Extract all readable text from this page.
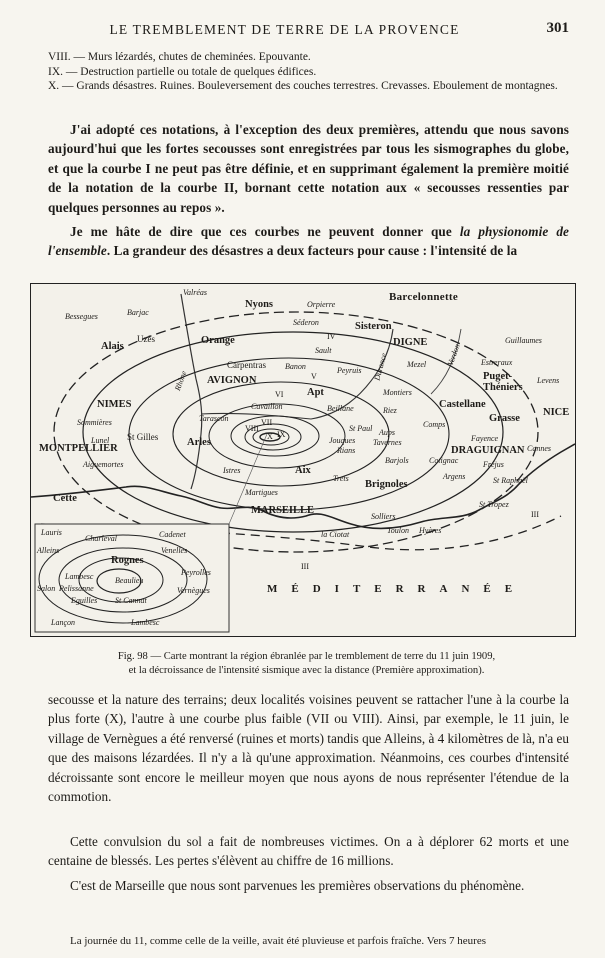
LE TREMBLEMENT DE TERRE DE LA PROVENCE	301

VIII. — Murs lézardés, chutes de cheminées. Epouvante.

IX. — Destruction partielle ou totale de quelques édifices.

X. — Grands désastres. Ruines. Bouleversement des couches terrestres. Crevasses. Eboulement de montagnes.

J'ai adopté ces notations, à l'exception des deux premières, attendu que nous savons aujourd'hui que les fortes secousses sont enregistrées par tous les sismographes du globe, et que la courbe I ne peut pas être définie, et en supprimant également la première moitié de la notation de la courbe II, bornant cette notation aux « secousses ressenties par quelques personnes au repos ».

Je me hâte de dire que ces courbes ne peuvent donner que la physionomie de l'ensemble. La grandeur des désastres a deux facteurs pour cause : l'intensité de la

Valréas
Nyons	Orpierre
Barcelonnette
Bessegues	Barjac
Séderon	Sisteron
Alais
Uzès	Orange
Sault
DIGNE	Guillaumes
Carpentras Banon	Mezel	Estreraux
AVIGNON
Peyruis
Puget-
Théniers
Levens
NIMES
Apt	Montiers
Sommières
Cavaillon	Beillane	Castellane
NICE
Lunel St Gilles
Tarascon
Riez
Grasse
MONTPELLIER
Arles
St Paul	Comps
Jouques
Aups
Rians
Tavernes	Fayence
Cannes
Aiguemortes	Barjols	Cotignac
DRAGUIGNAN
Fréjus
Aix
Trets
Brignoles
Argens	St Raphaël
Istres
Martigues
Cette
MARSEILLE
Solliers
St Tropez
la Ciotat	Toulon Hyères
Rhône	Durance	Verdon
IV
V
VI
VII
VIII
IX
X
III
III
MÉDITERRANÉE
Lauris
Charleval	Cadenet
Alleins	Venelles
Rognes
Lambesc	Beaulieu
Peyrolles
Salon Pelissanne	Vernègues
Eguilles St Cannat
Lançon	Lambesc
Fig. 98 — Carte montrant la région ébranlée par le tremblement de terre du 11 juin 1909,
et la décroissance de l'intensité sismique avec la distance (Première approximation).

secousse et la nature des terrains; deux localités voisines peuvent se rattacher l'une à la courbe la plus forte (X), l'autre à une courbe plus faible (VII ou VIII). Ainsi, par exemple, le 11 juin, le village de Vernègues a été renversé (ruines et morts) tandis que Alleins, à 4 kilomètres de là, n'a eu que des maisons lézardées. Il n'y a là qu'une approximation. Néanmoins, ces courbes d'intensité décroissante sont encore le meilleur moyen que nous ayons de nous représenter l'étendue de la commotion.

Cette convulsion du sol a fait de nombreuses victimes. On a à déplorer 62 morts et une centaine de blessés. Les pertes s'élèvent au chiffre de 16 millions.

C'est de Marseille que nous sont parvenues les premières observations du phénomène.

La journée du 11, comme celle de la veille, avait été pluvieuse et parfois fraîche. Vers 7 heures
